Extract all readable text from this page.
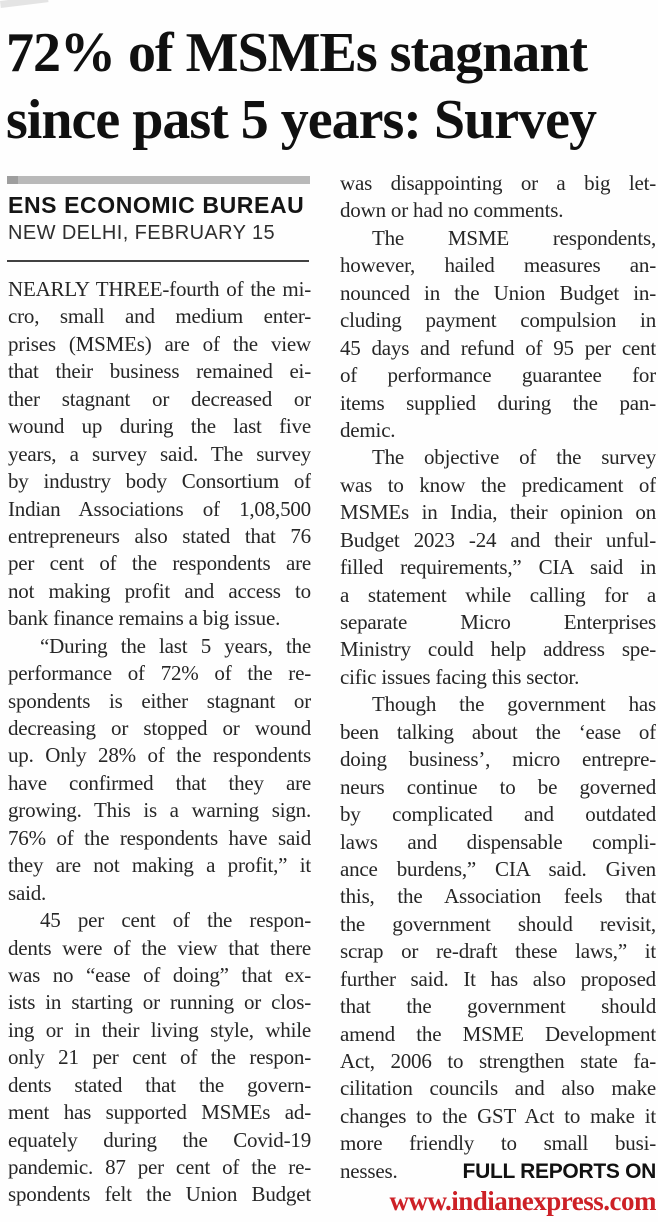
72% of MSMEs stagnant
since past 5 years: Survey
ENS ECONOMIC BUREAU
NEW DELHI, FEBRUARY 15
NEARLY THREE-fourth of the mi-
cro, small and medium enter-
prises (MSMEs) are of the view
that their business remained ei-
ther stagnant or decreased or
wound up during the last five
years, a survey said. The survey
by industry body Consortium of
Indian Associations of 1,08,500
entrepreneurs also stated that 76
per cent of the respondents are
not making profit and access to
bank finance remains a big issue.
“During the last 5 years, the
performance of 72% of the re-
spondents is either stagnant or
decreasing or stopped or wound
up. Only 28% of the respondents
have confirmed that they are
growing. This is a warning sign.
76% of the respondents have said
they are not making a profit,” it
said.
45 per cent of the respon-
dents were of the view that there
was no “ease of doing” that ex-
ists in starting or running or clos-
ing or in their living style, while
only 21 per cent of the respon-
dents stated that the govern-
ment has supported MSMEs ad-
equately during the Covid-19
pandemic. 87 per cent of the re-
spondents felt the Union Budget
was disappointing or a big let-
down or had no comments.
The MSME respondents,
however, hailed measures an-
nounced in the Union Budget in-
cluding payment compulsion in
45 days and refund of 95 per cent
of performance guarantee for
items supplied during the pan-
demic.
The objective of the survey
was to know the predicament of
MSMEs in India, their opinion on
Budget 2023 -24 and their unful-
filled requirements,” CIA said in
a statement while calling for a
separate Micro Enterprises
Ministry could help address spe-
cific issues facing this sector.
Though the government has
been talking about the ‘ease of
doing business’, micro entrepre-
neurs continue to be governed
by complicated and outdated
laws and dispensable compli-
ance burdens,” CIA said. Given
this, the Association feels that
the government should revisit,
scrap or re-draft these laws,” it
further said. It has also proposed
that the government should
amend the MSME Development
Act, 2006 to strengthen state fa-
cilitation councils and also make
changes to the GST Act to make it
more friendly to small busi-
nesses.	FULL REPORTS ON
www.indianexpress.com
